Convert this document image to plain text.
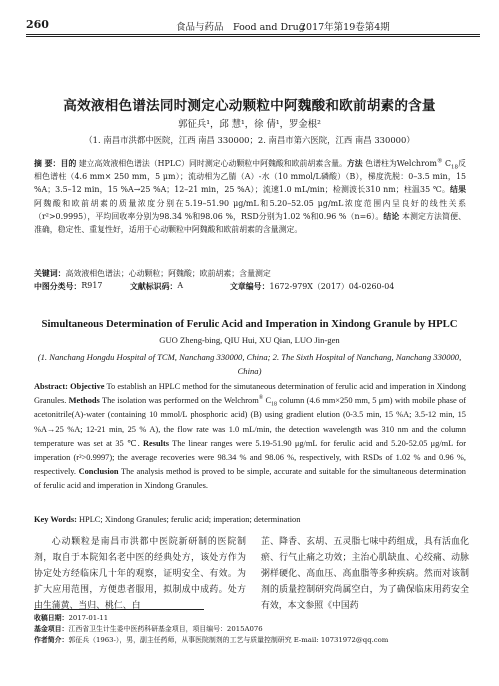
260	食品与药品　Food and Drug
2017年第19卷第4期
高效液相色谱法同时测定心动颗粒中阿魏酸和欧前胡素的含量
郭征兵¹，邱 慧¹，徐 倩¹，罗金根²
（1. 南昌市洪都中医院，江西 南昌 330000；2. 南昌市第六医院，江西 南昌 330000）
摘 要：目的 建立高效液相色谱法（HPLC）同时测定心动颗粒中阿魏酸和欧前胡素含量。方法 色谱柱为Welchrom® $C_{18}$反相色谱柱（4.6 mm× 250 mm，5 μm）；流动相为乙腈（A）-水（10 mmol/L磷酸）（B），梯度洗脱：0–3.5 min，15 %A；3.5–12 min，15 %A→25 %A；12–21 min，25 %A）；流速1.0 mL/min；检测波长310 nm；柱温35 ℃。结果 阿魏酸和欧前胡素的质量浓度分别在5.19–51.90 μg/mL和5.20–52.05 μg/mL浓度范围内呈良好的线性关系（r²>0.9995），平均回收率分别为98.34 %和98.06 %，RSD分别为1.02 %和0.96 %（n=6）。结论 本测定方法简便、准确，稳定性、重复性好，适用于心动颗粒中阿魏酸和欧前胡素的含量测定。
关键词：高效液相色谱法；心动颗粒；阿魏酸；欧前胡素；含量测定
中图分类号： R917	文献标识码： A	文章编号： 1672-979X（2017）04-0260-04
Simultaneous Determination of Ferulic Acid and Imperation in Xindong Granule by HPLC
GUO Zheng-bing, QIU Hui, XU Qian, LUO Jin-gen
(1. Nanchang Hongdu Hospital of TCM, Nanchang 330000, China; 2. The Sixth Hospital of Nanchang, Nanchang 330000, China)
Abstract: Objective To establish an HPLC method for the simutaneous determination of ferulic acid and imperation in Xindong Granules. Methods The isolation was performed on the Welchrom® $C_{18}$ column (4.6 mm×250 mm, 5 μm) with mobile phase of acetonitrile(A)-water (containing 10 mmol/L phosphoric acid) (B) using gradient elution (0-3.5 min, 15 %A; 3.5-12 min, 15 %A→25 %A; 12-21 min, 25 % A), the flow rate was 1.0 mL/min, the detection wavelength was 310 nm and the column temperature was set at 35 ℃. Results The linear ranges were 5.19-51.90 μg/mL for ferulic acid and 5.20-52.05 μg/mL for imperation (r²>0.9997); the average recoveries were 98.34 % and 98.06 %, respectively, with RSDs of 1.02 % and 0.96 %, respectively. Conclusion The analysis method is proved to be simple, accurate and suitable for the simultaneous determination of ferulic acid and imperation in Xindong Granules.
Key Words: HPLC; Xindong Granules; ferulic acid; imperation; determination
心动颗粒是南昌市洪都中医院新研制的医院制剂，取自于本院知名老中医的经典处方，该处方作为协定处方经临床几十年的观察，证明安全、有效。为扩大应用范围，方便患者服用，拟制成中成药。处方由生蒲黄、当归、桃仁、白
芷、降香、玄胡、五灵脂七味中药组成，具有活血化瘀、行气止痛之功效；主治心肌缺血、心绞痛、动脉粥样硬化、高血压、高血脂等多种疾病。然而对该制剂的质量控制研究尚属空白，为了确保临床用药安全有效，本文参照《中国药
收稿日期：2017-01-11
基金项目：江西省卫生计生委中医药科研基金项目，项目编号：2015A076
作者简介：郭征兵（1963-），男，副主任药师，从事医院制剂的工艺与质量控制研究 E-mail: 10731972@qq.com
